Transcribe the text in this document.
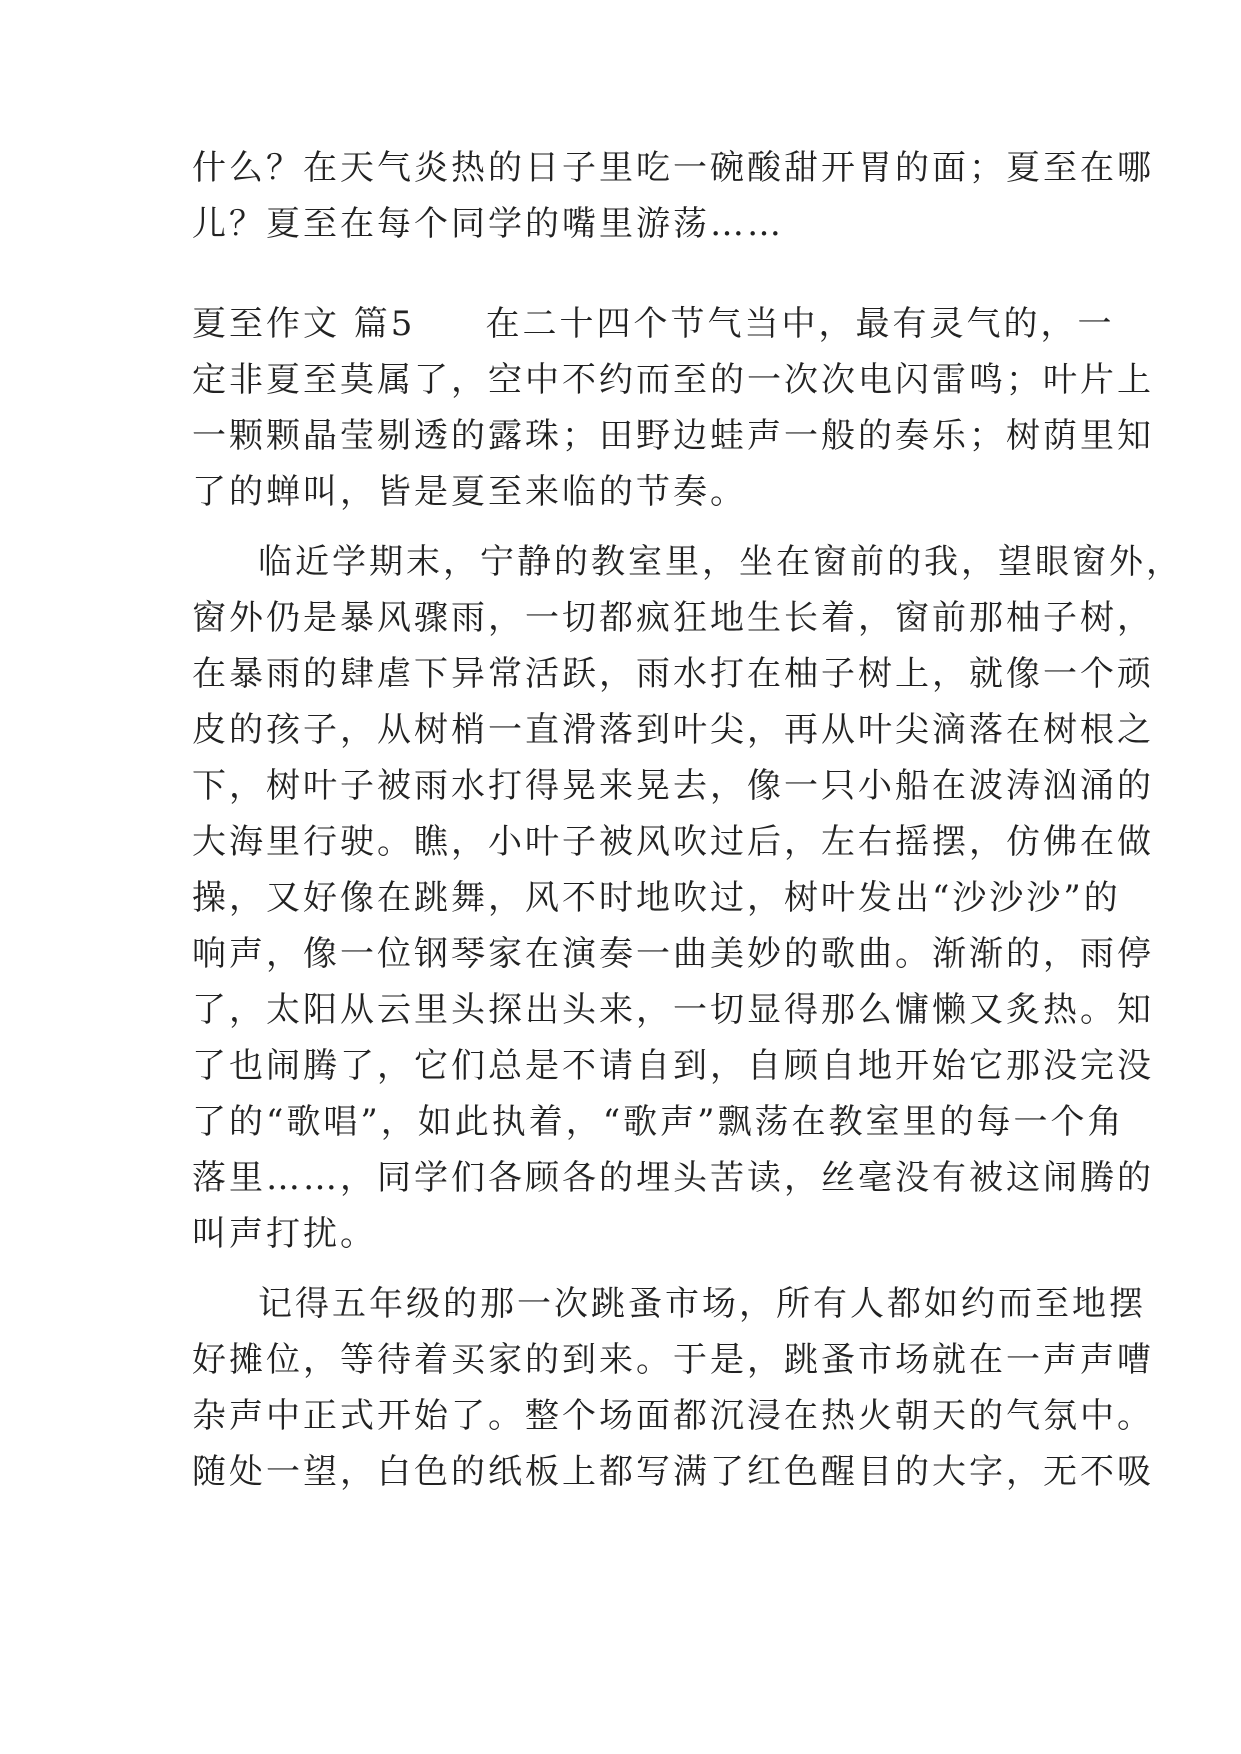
什么？在天气炎热的日子里吃一碗酸甜开胃的面；夏至在哪
儿？夏至在每个同学的嘴里游荡……
夏至作文 篇5 在二十四个节气当中，最有灵气的，一
定非夏至莫属了，空中不约而至的一次次电闪雷鸣；叶片上
一颗颗晶莹剔透的露珠；田野边蛙声一般的奏乐；树荫里知
了的蝉叫，皆是夏至来临的节奏。
临近学期末，宁静的教室里，坐在窗前的我，望眼窗外，
窗外仍是暴风骤雨，一切都疯狂地生长着，窗前那柚子树，
在暴雨的肆虐下异常活跃，雨水打在柚子树上，就像一个顽
皮的孩子，从树梢一直滑落到叶尖，再从叶尖滴落在树根之
下，树叶子被雨水打得晃来晃去，像一只小船在波涛汹涌的
大海里行驶。瞧，小叶子被风吹过后，左右摇摆，仿佛在做
操，又好像在跳舞，风不时地吹过，树叶发出“沙沙沙”的
响声，像一位钢琴家在演奏一曲美妙的歌曲。渐渐的，雨停
了，太阳从云里头探出头来，一切显得那么慵懒又炙热。知
了也闹腾了，它们总是不请自到，自顾自地开始它那没完没
了的“歌唱”，如此执着，“歌声”飘荡在教室里的每一个角
落里……，同学们各顾各的埋头苦读，丝毫没有被这闹腾的
叫声打扰。
记得五年级的那一次跳蚤市场，所有人都如约而至地摆
好摊位，等待着买家的到来。于是，跳蚤市场就在一声声嘈
杂声中正式开始了。整个场面都沉浸在热火朝天的气氛中。
随处一望，白色的纸板上都写满了红色醒目的大字，无不吸
